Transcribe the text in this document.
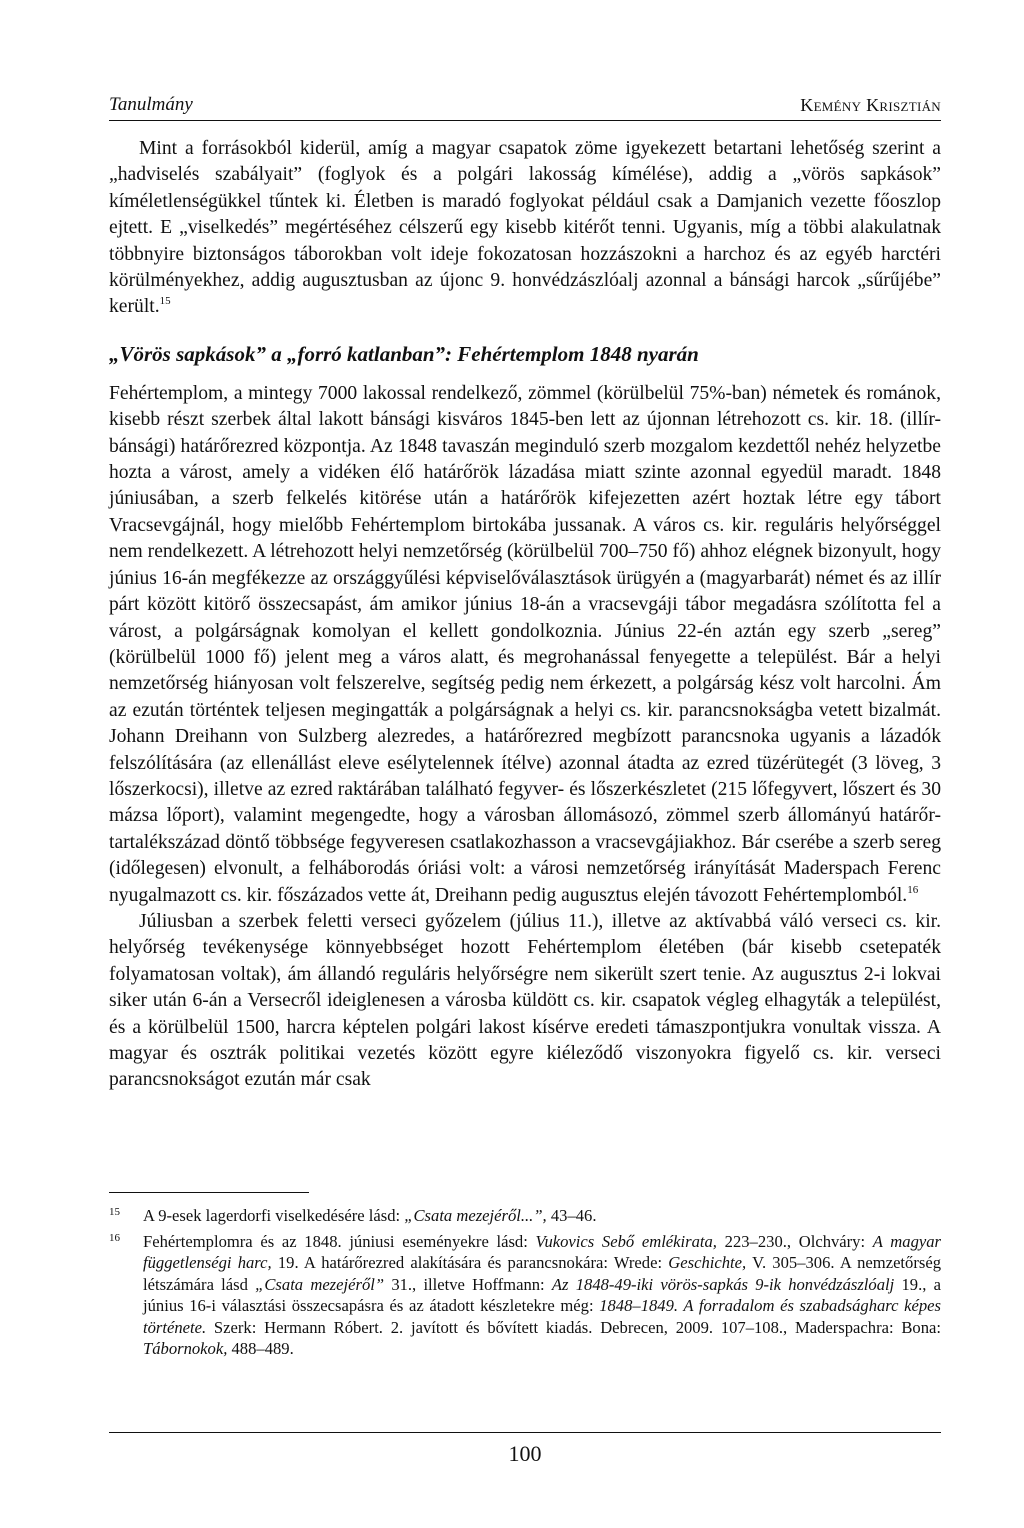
Tanulmány	Kemény Krisztián

Mint a forrásokból kiderül, amíg a magyar csapatok zöme igyekezett betartani lehetőség szerint a „hadviselés szabályait” (foglyok és a polgári lakosság kímélése), addig a „vörös sapkások” kíméletlenségükkel tűntek ki. Életben is maradó foglyokat például csak a Damjanich vezette főoszlop ejtett. E „viselkedés” megértéséhez célszerű egy kisebb kitérőt tenni. Ugyanis, míg a többi alakulatnak többnyire biztonságos táborokban volt ideje fokozatosan hozzászokni a harchoz és az egyéb harctéri körülményekhez, addig augusztusban az újonc 9. honvédzászlóalj azonnal a bánsági harcok „sűrűjébe” került.$^{15}$

„Vörös sapkások” a „forró katlanban”: Fehértemplom 1848 nyarán

Fehértemplom, a mintegy 7000 lakossal rendelkező, zömmel (körülbelül 75%-ban) németek és románok, kisebb részt szerbek által lakott bánsági kisváros 1845-ben lett az újonnan létrehozott cs. kir. 18. (illír-bánsági) határőrezred központja. Az 1848 tavaszán meginduló szerb mozgalom kezdettől nehéz helyzetbe hozta a várost, amely a vidéken élő határőrök lázadása miatt szinte azonnal egyedül maradt. 1848 júniusában, a szerb felkelés kitörése után a határőrök kifejezetten azért hoztak létre egy tábort Vracsevgájnál, hogy mielőbb Fehértemplom birtokába jussanak. A város cs. kir. reguláris helyőrséggel nem rendelkezett. A létrehozott helyi nemzetőrség (körülbelül 700–750 fő) ahhoz elégnek bizonyult, hogy június 16-án megfékezze az országgyűlési képviselőválasztások ürügyén a (magyarbarát) német és az illír párt között kitörő összecsapást, ám amikor június 18-án a vracsevgáji tábor megadásra szólította fel a várost, a polgárságnak komolyan el kellett gondolkoznia. Június 22-én aztán egy szerb „sereg” (körülbelül 1000 fő) jelent meg a város alatt, és megrohanással fenyegette a települést. Bár a helyi nemzetőrség hiányosan volt felszerelve, segítség pedig nem érkezett, a polgárság kész volt harcolni. Ám az ezután történtek teljesen megingatták a polgárságnak a helyi cs. kir. parancsnokságba vetett bizalmát. Johann Dreihann von Sulzberg alezredes, a határőrezred megbízott parancsnoka ugyanis a lázadók felszólítására (az ellenállást eleve esélytelennek ítélve) azonnal átadta az ezred tüzérütegét (3 löveg, 3 lőszerkocsi), illetve az ezred raktárában található fegyver- és lőszerkészletet (215 lőfegyvert, lőszert és 30 mázsa lőport), valamint megengedte, hogy a városban állomásozó, zömmel szerb állományú határőr-tartalékszázad döntő többsége fegyveresen csatlakozhasson a vracsevgájiakhoz. Bár cserébe a szerb sereg (időlegesen) elvonult, a felháborodás óriási volt: a városi nemzetőrség irányítását Maderspach Ferenc nyugalmazott cs. kir. főszázados vette át, Dreihann pedig augusztus elején távozott Fehértemplomból.$^{16}$

Júliusban a szerbek feletti verseci győzelem (július 11.), illetve az aktívabbá váló verseci cs. kir. helyőrség tevékenysége könnyebbséget hozott Fehértemplom életében (bár kisebb csetepaték folyamatosan voltak), ám állandó reguláris helyőrségre nem sikerült szert tenie. Az augusztus 2-i lokvai siker után 6-án a Versecről ideiglenesen a városba küldött cs. kir. csapatok végleg elhagyták a települést, és a körülbelül 1500, harcra képtelen polgári lakost kísérve eredeti támaszpontjukra vonultak vissza. A magyar és osztrák politikai vezetés között egyre kiéleződő viszonyokra figyelő cs. kir. verseci parancsnokságot ezután már csak

15	A 9-esek lagerdorfi viselkedésére lásd: „Csata mezejéről...”, 43–46.
16	Fehértemplomra és az 1848. júniusi eseményekre lásd: Vukovics Sebő emlékirata, 223–230., Olchváry: A magyar függetlenségi harc, 19. A határőrezred alakítására és parancsnokára: Wrede: Geschichte, V. 305–306. A nemzetőrség létszámára lásd „Csata mezejéről” 31., illetve Hoffmann: Az 1848-49-iki vörös-sapkás 9-ik honvédzászlóalj 19., a június 16-i választási összecsapásra és az átadott készletekre még: 1848–1849. A forradalom és szabadságharc képes története. Szerk: Hermann Róbert. 2. javított és bővített kiadás. Debrecen, 2009. 107–108., Maderspachra: Bona: Tábornokok, 488–489.
100
